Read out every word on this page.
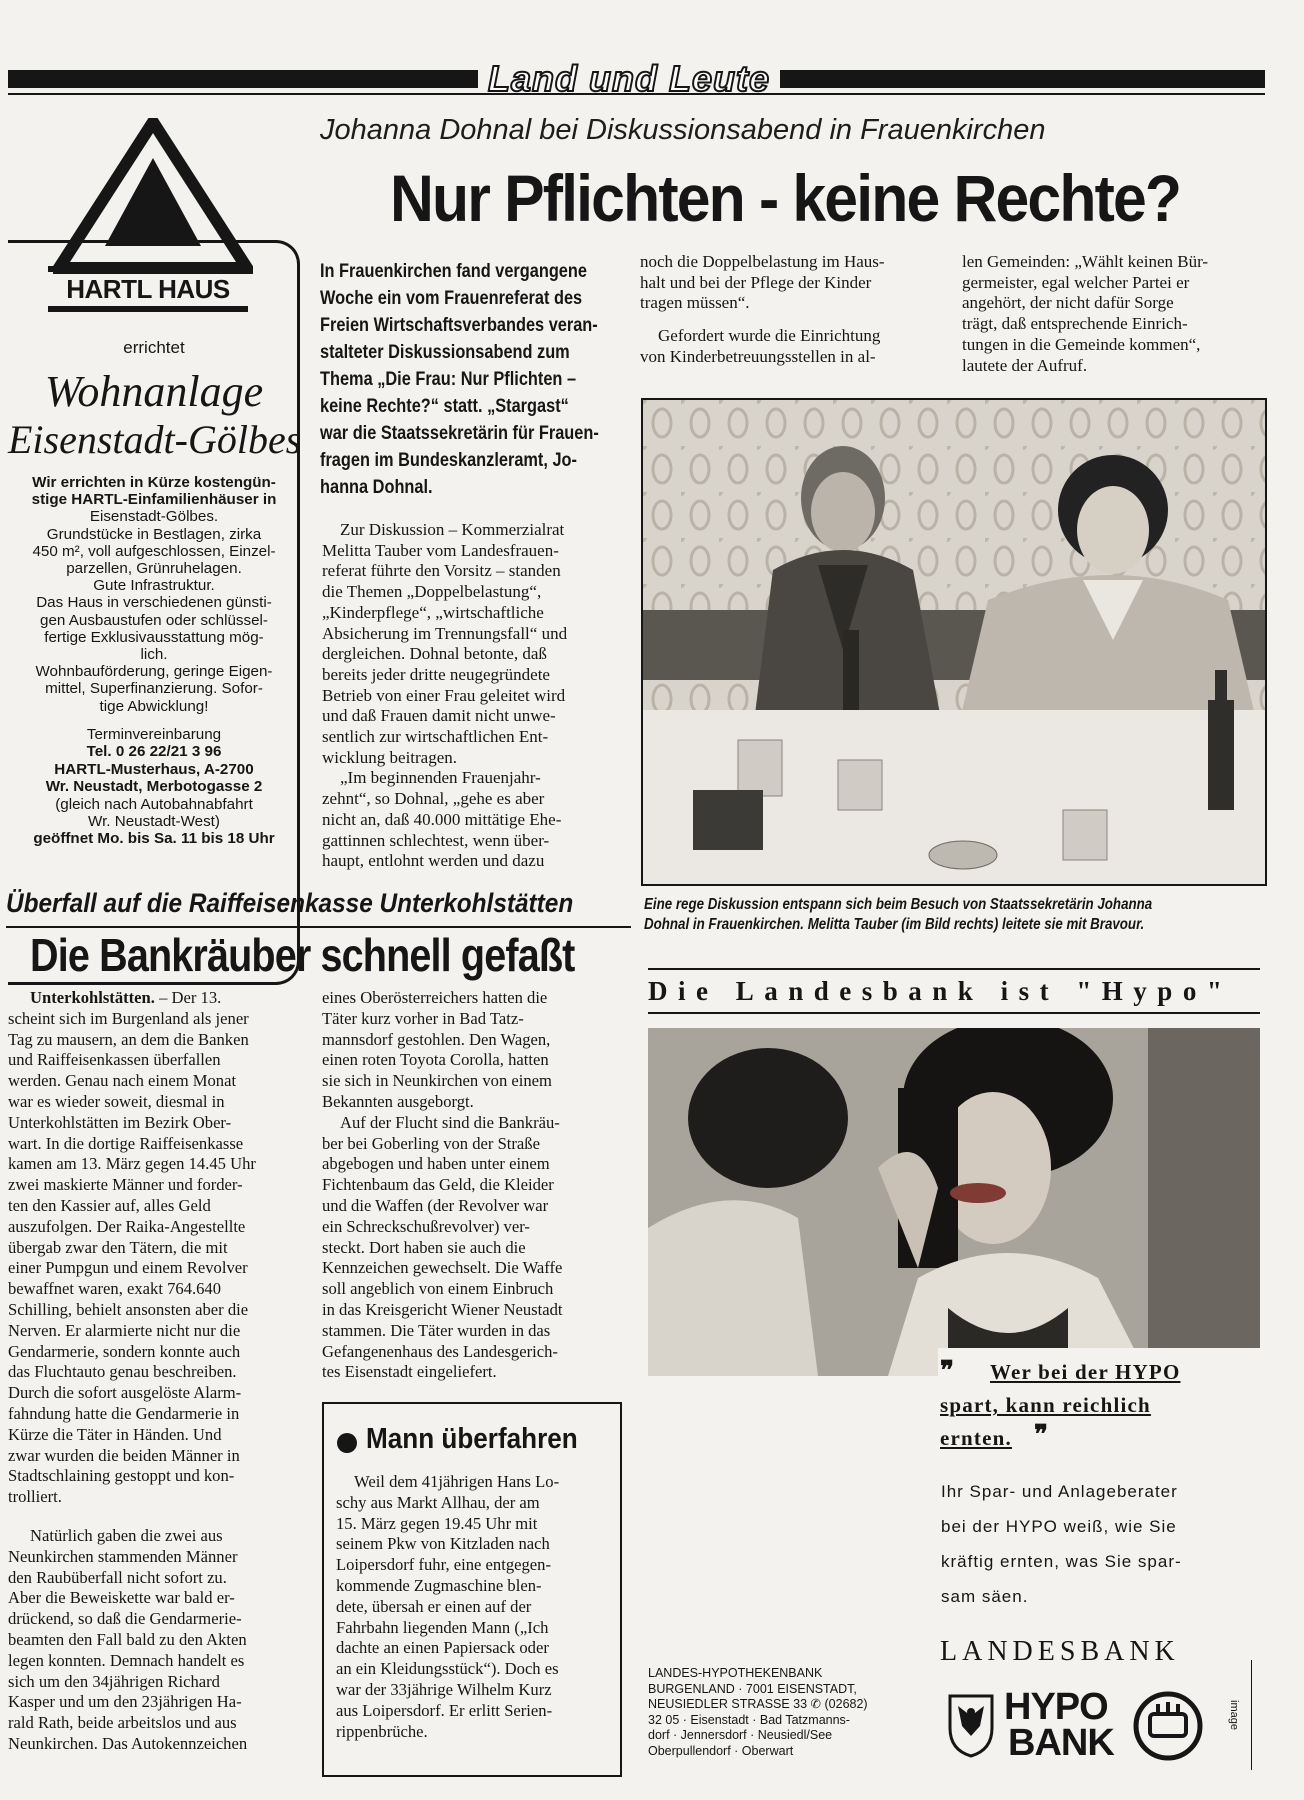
Land und Leute
Johanna Dohnal bei Diskussionsabend in Frauenkirchen
Nur Pflichten - keine Rechte?
In Frauenkirchen fand vergangene
Woche ein vom Frauenreferat des
Freien Wirtschaftsverbandes veran-
stalteter Diskussionsabend zum
Thema „Die Frau: Nur Pflichten –
keine Rechte?“ statt. „Stargast“
war die Staatssekretärin für Frauen-
fragen im Bundeskanzleramt, Jo-
hanna Dohnal.
Zur Diskussion – Kommerzialrat
Melitta Tauber vom Landesfrauen-
referat führte den Vorsitz – standen
die Themen „Doppelbelastung“,
„Kinderpflege“, „wirtschaftliche
Absicherung im Trennungsfall“ und
dergleichen. Dohnal betonte, daß
bereits jeder dritte neugegründete
Betrieb von einer Frau geleitet wird
und daß Frauen damit nicht unwe-
sentlich zur wirtschaftlichen Ent-
wicklung beitragen.
„Im beginnenden Frauenjahr-
zehnt“, so Dohnal, „gehe es aber
nicht an, daß 40.000 mittätige Ehe-
gattinnen schlechtest, wenn über-
haupt, entlohnt werden und dazu
noch die Doppelbelastung im Haus-
halt und bei der Pflege der Kinder
tragen müssen“.
Gefordert wurde die Einrichtung
von Kinderbetreuungsstellen in al-
len Gemeinden: „Wählt keinen Bür-
germeister, egal welcher Partei er
angehört, der nicht dafür Sorge
trägt, daß entsprechende Einrich-
tungen in die Gemeinde kommen“,
lautete der Aufruf.
Eine rege Diskussion entspann sich beim Besuch von Staatssekretärin Johanna
Dohnal in Frauenkirchen. Melitta Tauber (im Bild rechts) leitete sie mit Bravour.
HARTL HAUS
errichtet
Wohnanlage
Eisenstadt-Gölbes
Wir errichten in Kürze kostengün-
stige HARTL-Einfamilienhäuser in
Eisenstadt-Gölbes.
Grundstücke in Bestlagen, zirka
450 m², voll aufgeschlossen, Einzel-
parzellen, Grünruhelagen.
Gute Infrastruktur.
Das Haus in verschiedenen günsti-
gen Ausbaustufen oder schlüssel-
fertige Exklusivausstattung mög-
lich.
Wohnbauförderung, geringe Eigen-
mittel, Superfinanzierung. Sofor-
tige Abwicklung!
Terminvereinbarung
Tel. 0 26 22/21 3 96
HARTL-Musterhaus, A-2700
Wr. Neustadt, Merbotogasse 2
(gleich nach Autobahnabfahrt
Wr. Neustadt-West)
geöffnet Mo. bis Sa. 11 bis 18 Uhr
Überfall auf die Raiffeisenkasse Unterkohlstätten
Die Bankräuber schnell gefaßt
Unterkohlstätten. – Der 13.
scheint sich im Burgenland als jener
Tag zu mausern, an dem die Banken
und Raiffeisenkassen überfallen
werden. Genau nach einem Monat
war es wieder soweit, diesmal in
Unterkohlstätten im Bezirk Ober-
wart. In die dortige Raiffeisenkasse
kamen am 13. März gegen 14.45 Uhr
zwei maskierte Männer und forder-
ten den Kassier auf, alles Geld
auszufolgen. Der Raika-Angestellte
übergab zwar den Tätern, die mit
einer Pumpgun und einem Revolver
bewaffnet waren, exakt 764.640
Schilling, behielt ansonsten aber die
Nerven. Er alarmierte nicht nur die
Gendarmerie, sondern konnte auch
das Fluchtauto genau beschreiben.
Durch die sofort ausgelöste Alarm-
fahndung hatte die Gendarmerie in
Kürze die Täter in Händen. Und
zwar wurden die beiden Männer in
Stadtschlaining gestoppt und kon-
trolliert.
Natürlich gaben die zwei aus
Neunkirchen stammenden Männer
den Raubüberfall nicht sofort zu.
Aber die Beweiskette war bald er-
drückend, so daß die Gendarmerie-
beamten den Fall bald zu den Akten
legen konnten. Demnach handelt es
sich um den 34jährigen Richard
Kasper und um den 23jährigen Ha-
rald Rath, beide arbeitslos und aus
Neunkirchen. Das Autokennzeichen
eines Oberösterreichers hatten die
Täter kurz vorher in Bad Tatz-
mannsdorf gestohlen. Den Wagen,
einen roten Toyota Corolla, hatten
sie sich in Neunkirchen von einem
Bekannten ausgeborgt.
Auf der Flucht sind die Bankräu-
ber bei Goberling von der Straße
abgebogen und haben unter einem
Fichtenbaum das Geld, die Kleider
und die Waffen (der Revolver war
ein Schreckschußrevolver) ver-
steckt. Dort haben sie auch die
Kennzeichen gewechselt. Die Waffe
soll angeblich von einem Einbruch
in das Kreisgericht Wiener Neustadt
stammen. Die Täter wurden in das
Gefangenenhaus des Landesgerich-
tes Eisenstadt eingeliefert.
Mann überfahren
Weil dem 41jährigen Hans Lo-
schy aus Markt Allhau, der am
15. März gegen 19.45 Uhr mit
seinem Pkw von Kitzladen nach
Loipersdorf fuhr, eine entgegen-
kommende Zugmaschine blen-
dete, übersah er einen auf der
Fahrbahn liegenden Mann („Ich
dachte an einen Papiersack oder
an ein Kleidungsstück“). Doch es
war der 33jährige Wilhelm Kurz
aus Loipersdorf. Er erlitt Serien-
rippenbrüche.
Die Landesbank ist "Hypo"
❞	Wer bei der HYPO
spart, kann reichlich
ernten. ❞
Ihr Spar- und Anlageberater
bei der HYPO weiß, wie Sie
kräftig ernten, was Sie spar-
sam säen.
LANDES-HYPOTHEKENBANK
BURGENLAND · 7001 EISENSTADT,
NEUSIEDLER STRASSE 33 ✆ (02682)
32 05 · Eisenstadt · Bad Tatzmanns-
dorf · Jennersdorf · Neusiedl/See
Oberpullendorf · Oberwart
LANDESBANK
HYPO
BANK
image
